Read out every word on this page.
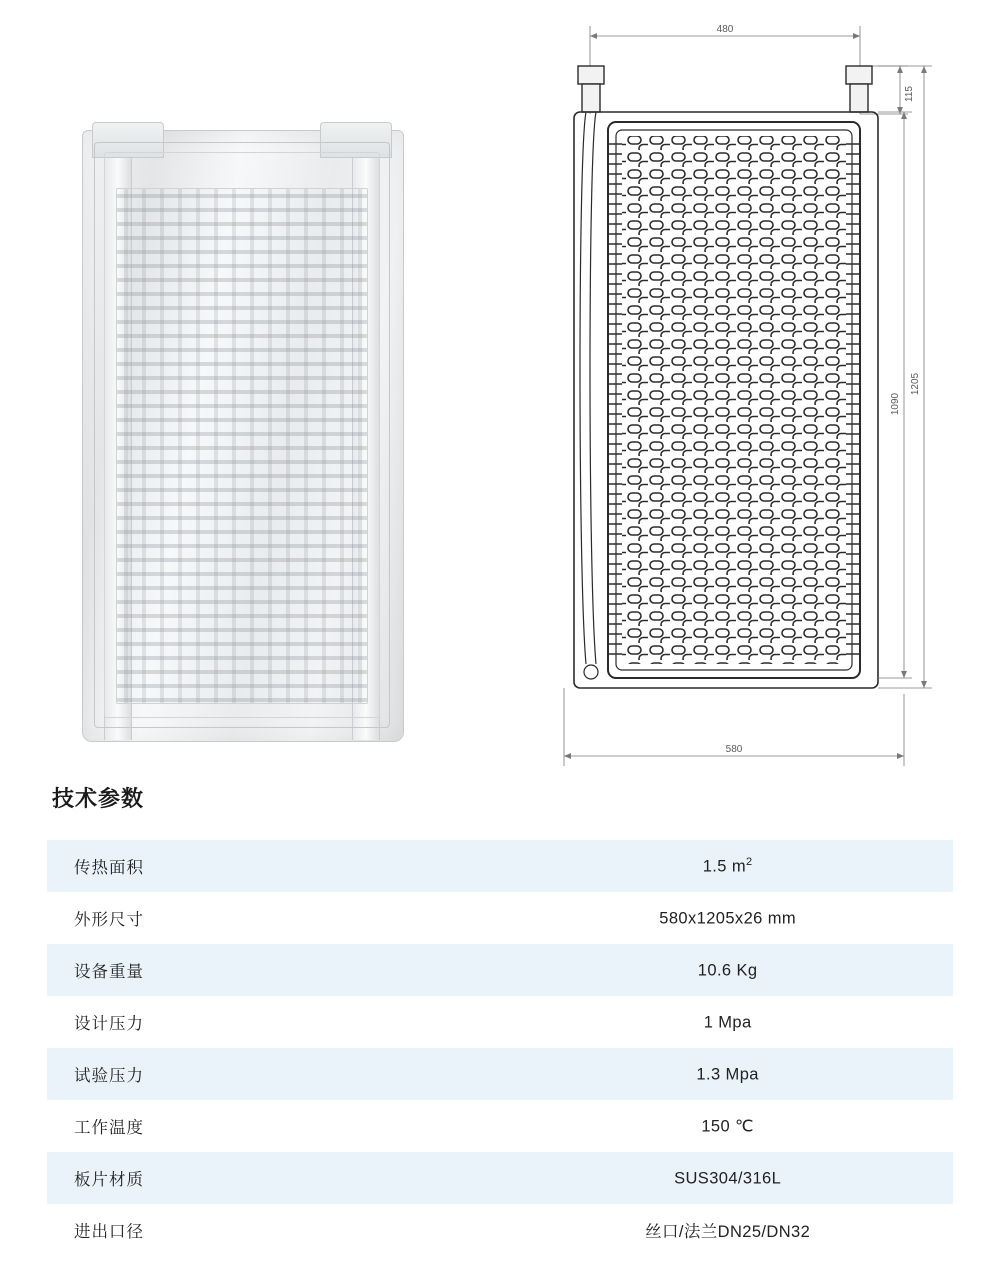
480
115
1205
1090
580
技术参数
传热面积	1.5 $m^2$
外形尺寸	580x1205x26 mm
设备重量	10.6 Kg
设计压力	1 Mpa
试验压力	1.3 Mpa
工作温度	150 ℃
板片材质	SUS304/316L
进出口径	丝口/法兰DN25/DN32
